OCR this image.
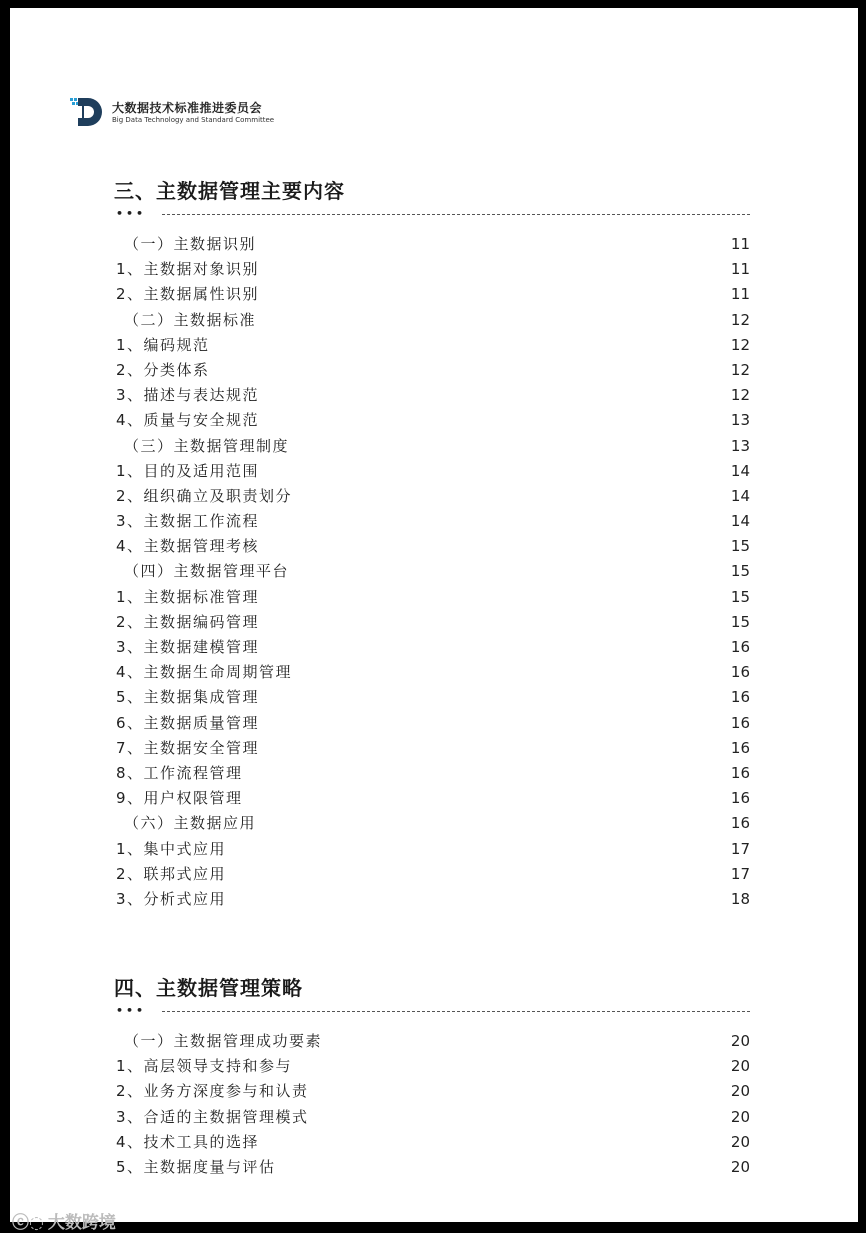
大数据技术标准推进委员会
Big Data Technology and Standard Committee
三、主数据管理主要内容
•••
（一）主数据识别	11
1、主数据对象识别	11
2、主数据属性识别	11
（二）主数据标准	12
1、编码规范	12
2、分类体系	12
3、描述与表达规范	12
4、质量与安全规范	13
（三）主数据管理制度	13
1、目的及适用范围	14
2、组织确立及职责划分	14
3、主数据工作流程	14
4、主数据管理考核	15
（四）主数据管理平台	15
1、主数据标准管理	15
2、主数据编码管理	15
3、主数据建模管理	16
4、主数据生命周期管理	16
5、主数据集成管理	16
6、主数据质量管理	16
7、主数据安全管理	16
8、工作流程管理	16
9、用户权限管理	16
（六）主数据应用	16
1、集中式应用	17
2、联邦式应用	17
3、分析式应用	18
四、主数据管理策略
•••
（一）主数据管理成功要素	20
1、高层领导支持和参与	20
2、业务方深度参与和认责	20
3、合适的主数据管理模式	20
4、技术工具的选择	20
5、主数据度量与评估	20
ⓒ◌ 大数跨境
